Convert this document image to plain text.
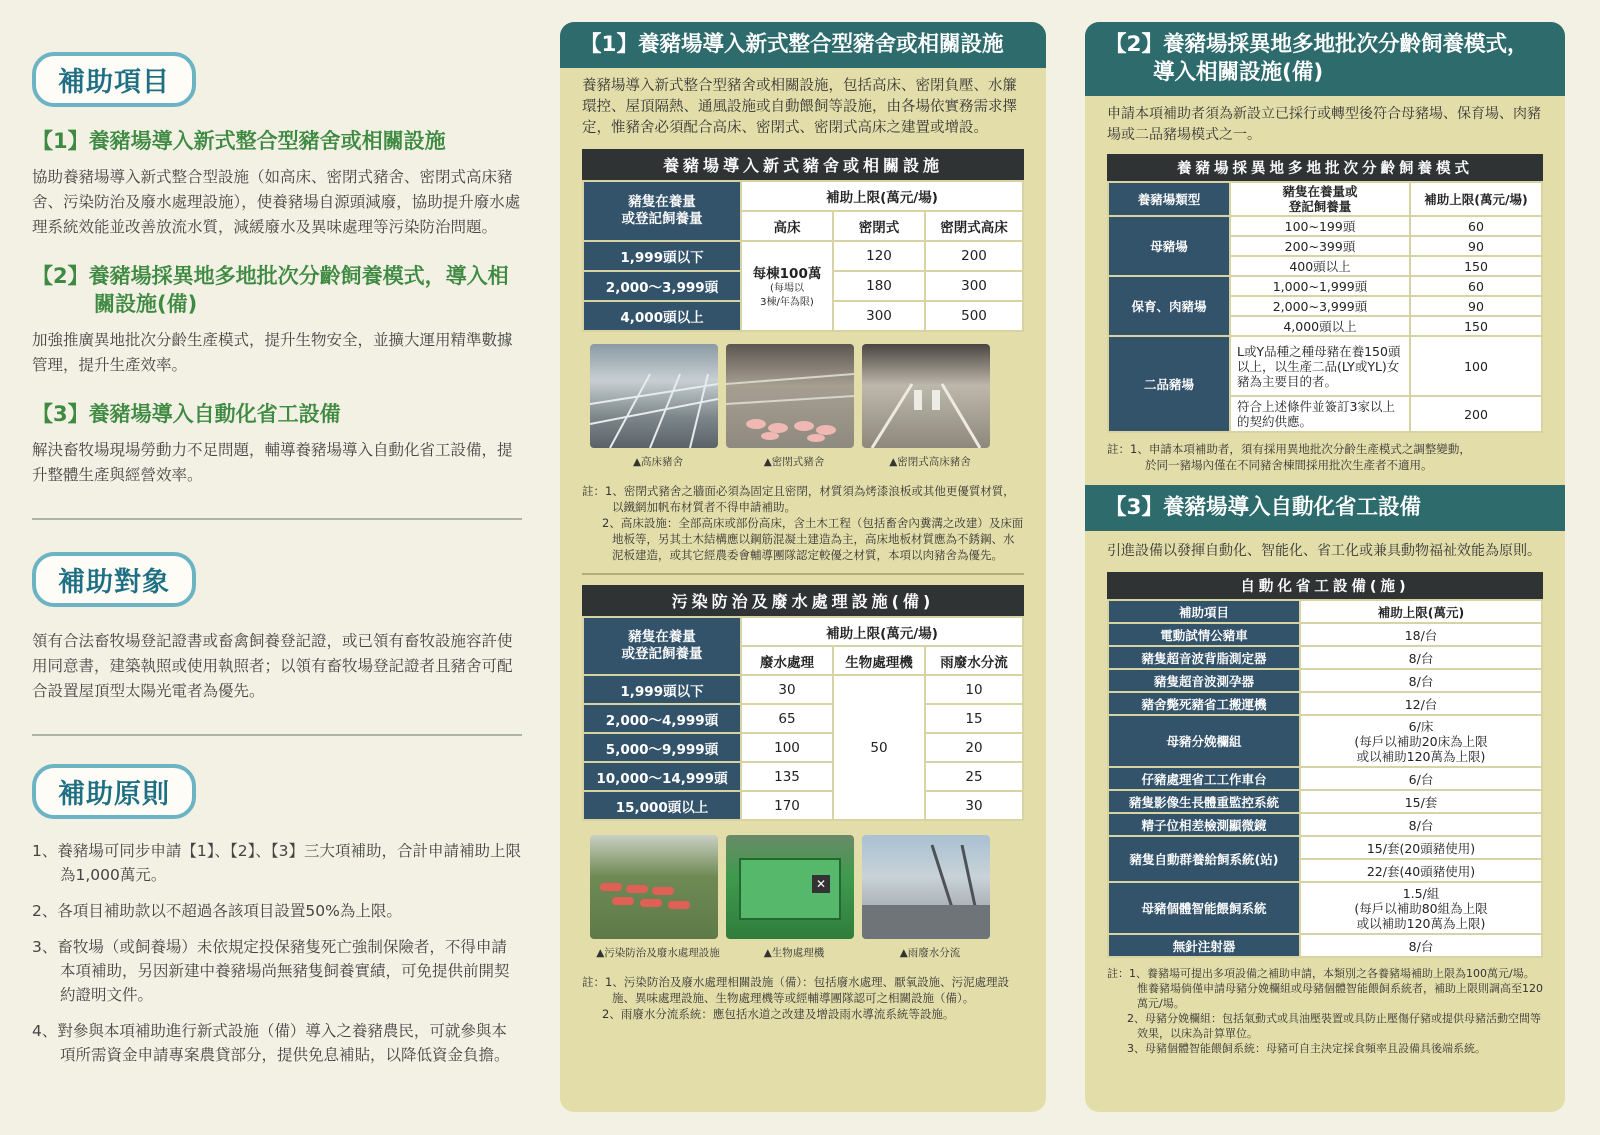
補助項目
【1】養豬場導入新式整合型豬舍或相關設施
協助養豬場導入新式整合型設施（如高床、密閉式豬舍、密閉式高床豬舍、污染防治及廢水處理設施），使養豬場自源頭減廢，協助提升廢水處理系統效能並改善放流水質，減緩廢水及異味處理等污染防治問題。
【2】養豬場採異地多地批次分齡飼養模式，導入相關設施(備)
加強推廣異地批次分齡生產模式，提升生物安全，並擴大運用精準數據管理，提升生產效率。
【3】養豬場導入自動化省工設備
解決畜牧場現場勞動力不足問題，輔導養豬場導入自動化省工設備，提升整體生產與經營效率。
補助對象
領有合法畜牧場登記證書或畜禽飼養登記證，或已領有畜牧設施容許使用同意書，建築執照或使用執照者；以領有畜牧場登記證者且豬舍可配合設置屋頂型太陽光電者為優先。
補助原則
1、養豬場可同步申請【1】、【2】、【3】三大項補助，合計申請補助上限為1,000萬元。
2、各項目補助款以不超過各該項目設置50%為上限。
3、畜牧場（或飼養場）未依規定投保豬隻死亡強制保險者，不得申請本項補助，另因新建中養豬場尚無豬隻飼養實績，可免提供前開契約證明文件。
4、對參與本項補助進行新式設施（備）導入之養豬農民，可就參與本項所需資金申請專案農貸部分，提供免息補貼，以降低資金負擔。
【1】養豬場導入新式整合型豬舍或相關設施
養豬場導入新式整合型豬舍或相關設施，包括高床、密閉負壓、水簾環控、屋頂隔熱、通風設施或自動餵飼等設施，由各場依實務需求擇定，惟豬舍必須配合高床、密閉式、密閉式高床之建置或增設。
養豬場導入新式豬舍或相關設施
豬隻在養量
或登記飼養量	補助上限(萬元/場)		
	高床	密閉式	密閉式高床
1,999頭以下	每棟100萬
(每場以
3棟/年為限)	120	200
2,000～3,999頭		180	300
4,000頭以上		300	500
▲高床豬舍	▲密閉式豬舍	▲密閉式高床豬舍
註：1、密閉式豬舍之牆面必須為固定且密閉，材質須為烤漆浪板或其他更優質材質，以鐵網加帆布材質者不得申請補助。
2、高床設施：全部高床或部份高床，含土木工程（包括畜舍內糞溝之改建）及床面地板等，另其土木結構應以鋼筋混凝土建造為主，高床地板材質應為不銹鋼、水泥板建造，或其它經農委會輔導團隊認定較優之材質，本項以肉豬舍為優先。
污染防治及廢水處理設施(備)
豬隻在養量
或登記飼養量	補助上限(萬元/場)		
	廢水處理	生物處理機	雨廢水分流
1,999頭以下	30	50	10
2,000～4,999頭	65		15
5,000～9,999頭	100		20
10,000～14,999頭	135		25
15,000頭以上	170		30
✕
▲污染防治及廢水處理設施	▲生物處理機	▲雨廢水分流
註：1、污染防治及廢水處理相關設施（備）：包括廢水處理、厭氧設施、污泥處理設施、異味處理設施、生物處理機等或經輔導團隊認可之相關設施（備）。
2、雨廢水分流系統：應包括水道之改建及增設雨水導流系統等設施。
【2】養豬場採異地多地批次分齡飼養模式，導入相關設施(備)
申請本項補助者須為新設立已採行或轉型後符合母豬場、保育場、肉豬場或二品豬場模式之一。
養豬場採異地多地批次分齡飼養模式
養豬場類型	豬隻在養量或
登記飼養量	補助上限(萬元/場)
母豬場	100~199頭	60
	200~399頭	90
	400頭以上	150
保育、肉豬場	1,000~1,999頭	60
	2,000~3,999頭	90
	4,000頭以上	150
二品豬場	L或Y品種之種母豬在養150頭以上，以生產二品(LY或YL)女豬為主要目的者。	100
	符合上述條件並簽訂3家以上的契約供應。	200
註：1、申請本項補助者，須有採用異地批次分齡生產模式之調整變動，
於同一豬場內僅在不同豬舍棟間採用批次生產者不適用。
【3】養豬場導入自動化省工設備
引進設備以發揮自動化、智能化、省工化或兼具動物福祉效能為原則。
自動化省工設備(施)
補助項目	補助上限(萬元)
電動試情公豬車	18/台
豬隻超音波背脂測定器	8/台
豬隻超音波測孕器	8/台
豬舍斃死豬省工搬運機	12/台
母豬分娩欄組	6/床
(每戶以補助20床為上限
或以補助120萬為上限)
仔豬處理省工工作車台	6/台
豬隻影像生長體重監控系統	15/套
精子位相差檢測顯微鏡	8/台
豬隻自動群養給飼系統(站)	15/套(20頭豬使用)
	22/套(40頭豬使用)
母豬個體智能餵飼系統	1.5/組
(每戶以補助80組為上限
或以補助120萬為上限)
無針注射器	8/台
註：1、養豬場可提出多項設備之補助申請，本類別之各養豬場補助上限為100萬元/場。惟養豬場倘僅申請母豬分娩欄組或母豬個體智能餵飼系統者，補助上限則調高至120萬元/場。
2、母豬分娩欄組：包括氣動式或具油壓裝置或具防止壓傷仔豬或提供母豬活動空間等效果，以床為計算單位。
3、母豬個體智能餵飼系統：母豬可自主決定採食頻率且設備具後端系統。
